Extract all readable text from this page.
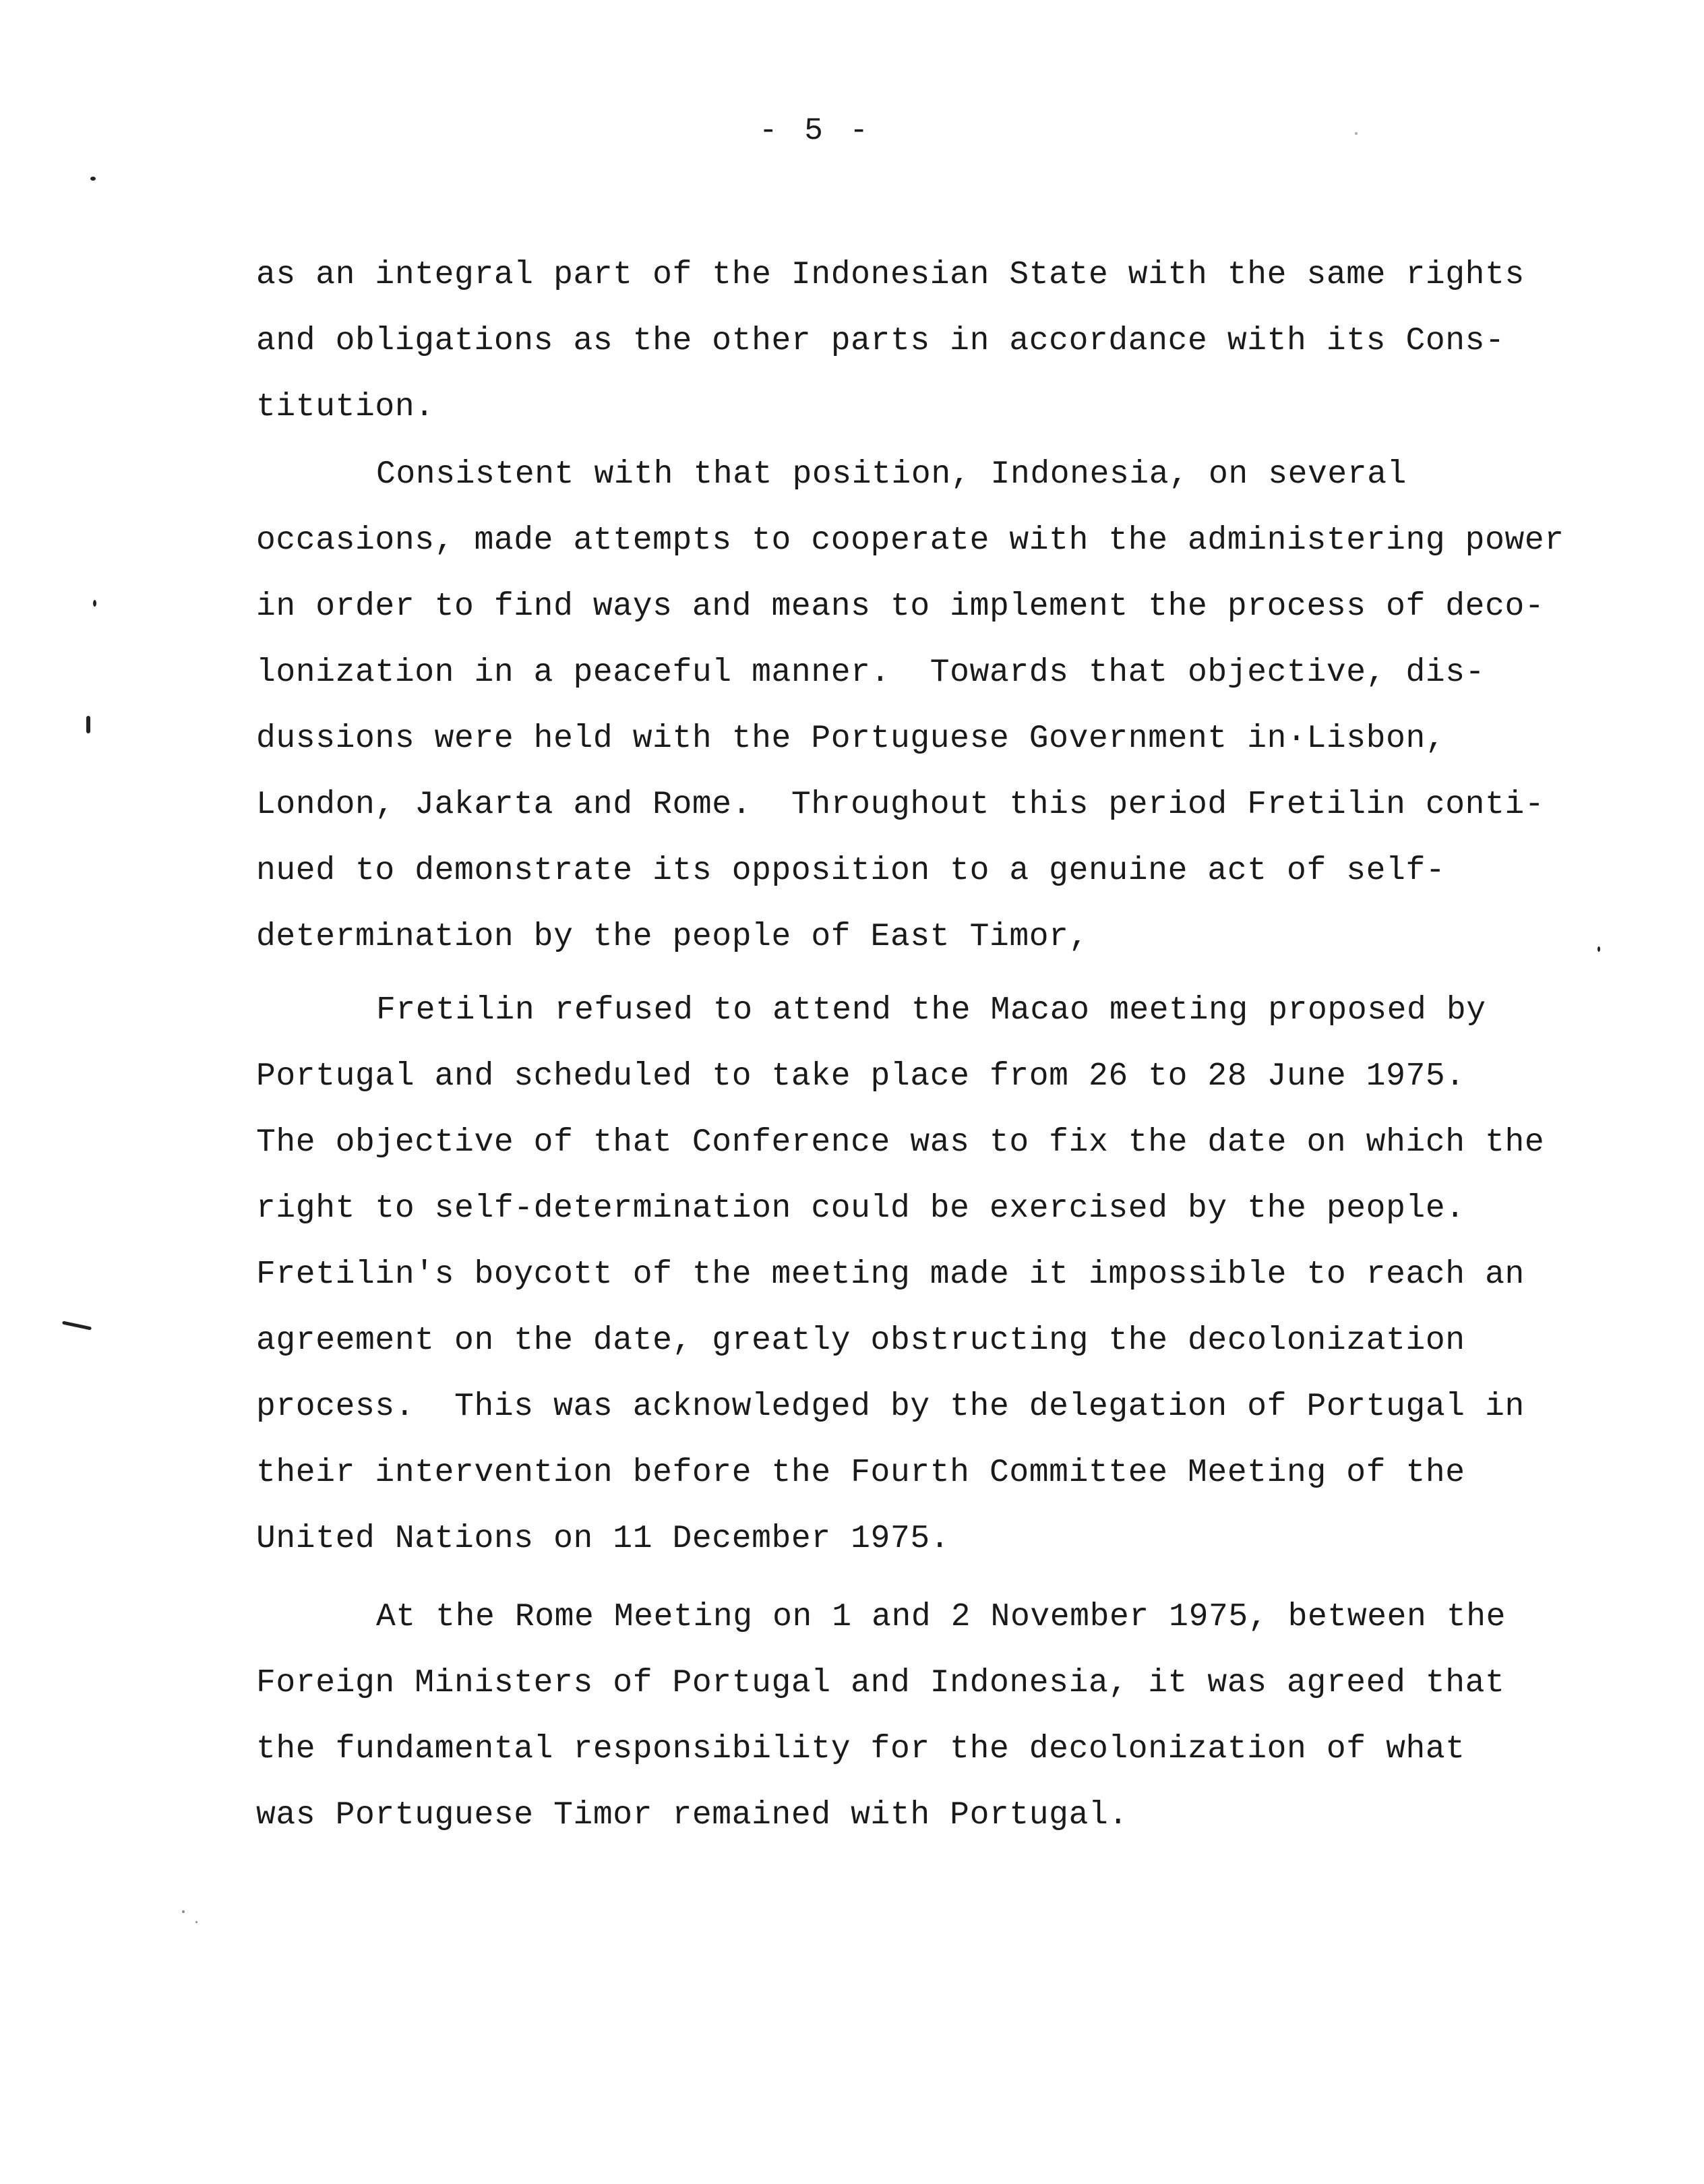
- 5 -
as an integral part of the Indonesian State with the same rights
and obligations as the other parts in accordance with its Cons-
titution.
Consistent with that position, Indonesia, on several
occasions, made attempts to cooperate with the administering power
in order to find ways and means to implement the process of deco-
lonization in a peaceful manner.  Towards that objective, dis-
dussions were held with the Portuguese Government in·Lisbon,
London, Jakarta and Rome.  Throughout this period Fretilin conti-
nued to demonstrate its opposition to a genuine act of self-
determination by the people of East Timor,
Fretilin refused to attend the Macao meeting proposed by
Portugal and scheduled to take place from 26 to 28 June 1975.
The objective of that Conference was to fix the date on which the
right to self-determination could be exercised by the people.
Fretilin's boycott of the meeting made it impossible to reach an
agreement on the date, greatly obstructing the decolonization
process.  This was acknowledged by the delegation of Portugal in
their intervention before the Fourth Committee Meeting of the
United Nations on 11 December 1975.
At the Rome Meeting on 1 and 2 November 1975, between the
Foreign Ministers of Portugal and Indonesia, it was agreed that
the fundamental responsibility for the decolonization of what
was Portuguese Timor remained with Portugal.
